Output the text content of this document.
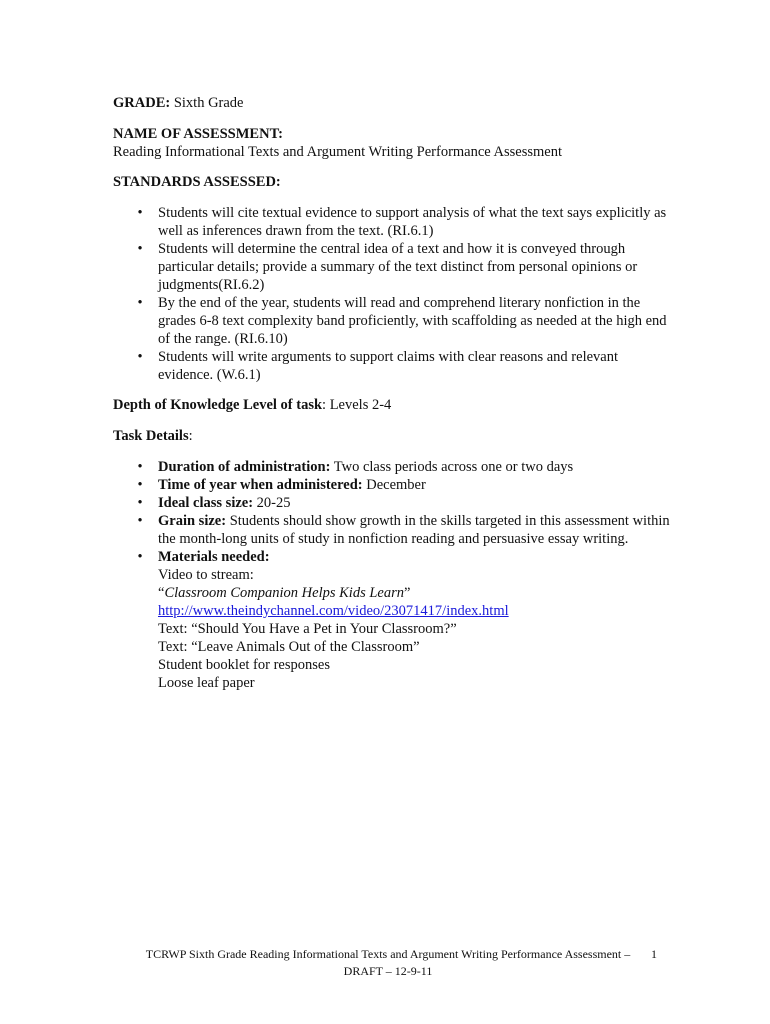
GRADE: Sixth Grade

NAME OF ASSESSMENT:
Reading Informational Texts and Argument Writing Performance Assessment

STANDARDS ASSESSED:

• Students will cite textual evidence to support analysis of what the text says explicitly as well as inferences drawn from the text. (RI.6.1)
• Students will determine the central idea of a text and how it is conveyed through particular details; provide a summary of the text distinct from personal opinions or judgments(RI.6.2)
• By the end of the year, students will read and comprehend literary nonfiction in the grades 6-8 text complexity band proficiently, with scaffolding as needed at the high end of the range. (RI.6.10)
• Students will write arguments to support claims with clear reasons and relevant evidence. (W.6.1)

Depth of Knowledge Level of task: Levels 2-4

Task Details:

• Duration of administration: Two class periods across one or two days
• Time of year when administered: December
• Ideal class size: 20-25
• Grain size: Students should show growth in the skills targeted in this assessment within the month-long units of study in nonfiction reading and persuasive essay writing.
• Materials needed:
Video to stream:
“Classroom Companion Helps Kids Learn”
http://www.theindychannel.com/video/23071417/index.html
Text: “Should You Have a Pet in Your Classroom?”
Text: “Leave Animals Out of the Classroom”
Student booklet for responses
Loose leaf paper
TCRWP Sixth Grade Reading Informational Texts and Argument Writing Performance Assessment –
DRAFT – 12-9-11
1
